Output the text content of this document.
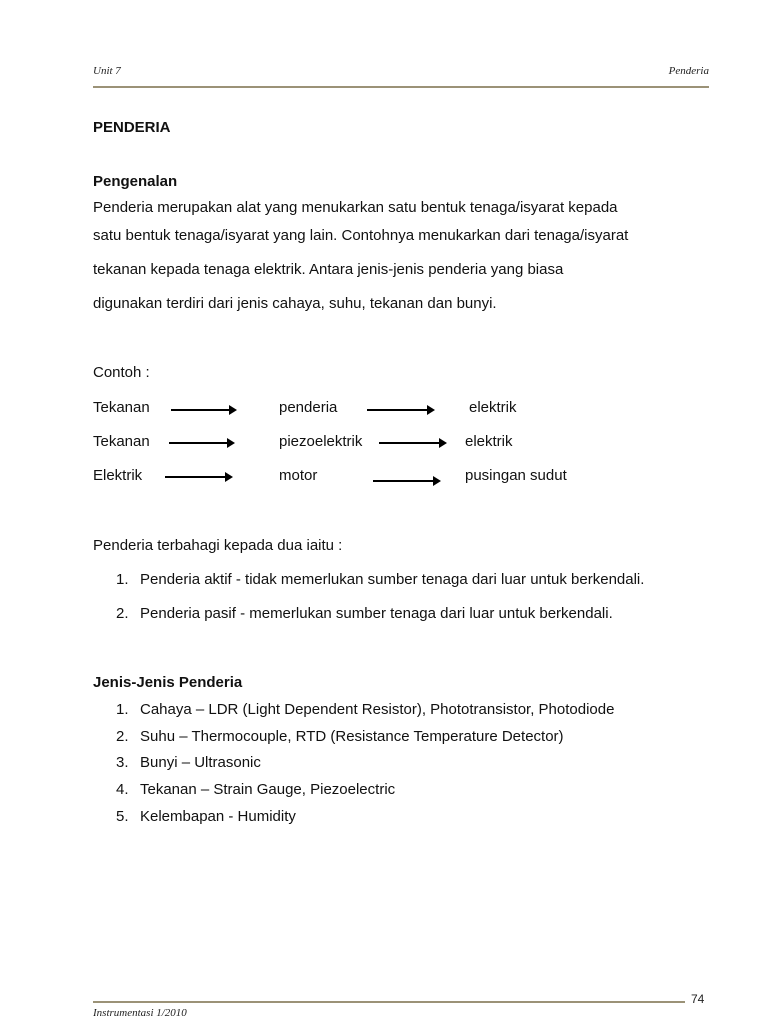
Unit 7	Penderia
PENDERIA
Pengenalan
Penderia merupakan alat yang menukarkan satu bentuk tenaga/isyarat kepada
satu bentuk tenaga/isyarat yang lain. Contohnya menukarkan dari tenaga/isyarat
tekanan kepada tenaga elektrik. Antara jenis-jenis penderia yang biasa
digunakan terdiri dari jenis cahaya, suhu, tekanan dan bunyi.
Contoh :
Tekanan	penderia	elektrik
Tekanan	piezoelektrik	elektrik
Elektrik	motor	pusingan sudut
Penderia terbahagi kepada dua iaitu :
1. Penderia aktif - tidak memerlukan sumber tenaga dari luar untuk berkendali.
2. Penderia pasif - memerlukan sumber tenaga dari luar untuk berkendali.
Jenis-Jenis Penderia
1. Cahaya – LDR (Light Dependent Resistor), Phototransistor, Photodiode
2. Suhu – Thermocouple, RTD (Resistance Temperature Detector)
3. Bunyi – Ultrasonic
4. Tekanan – Strain Gauge, Piezoelectric
5. Kelembapan - Humidity
74
Instrumentasi 1/2010
